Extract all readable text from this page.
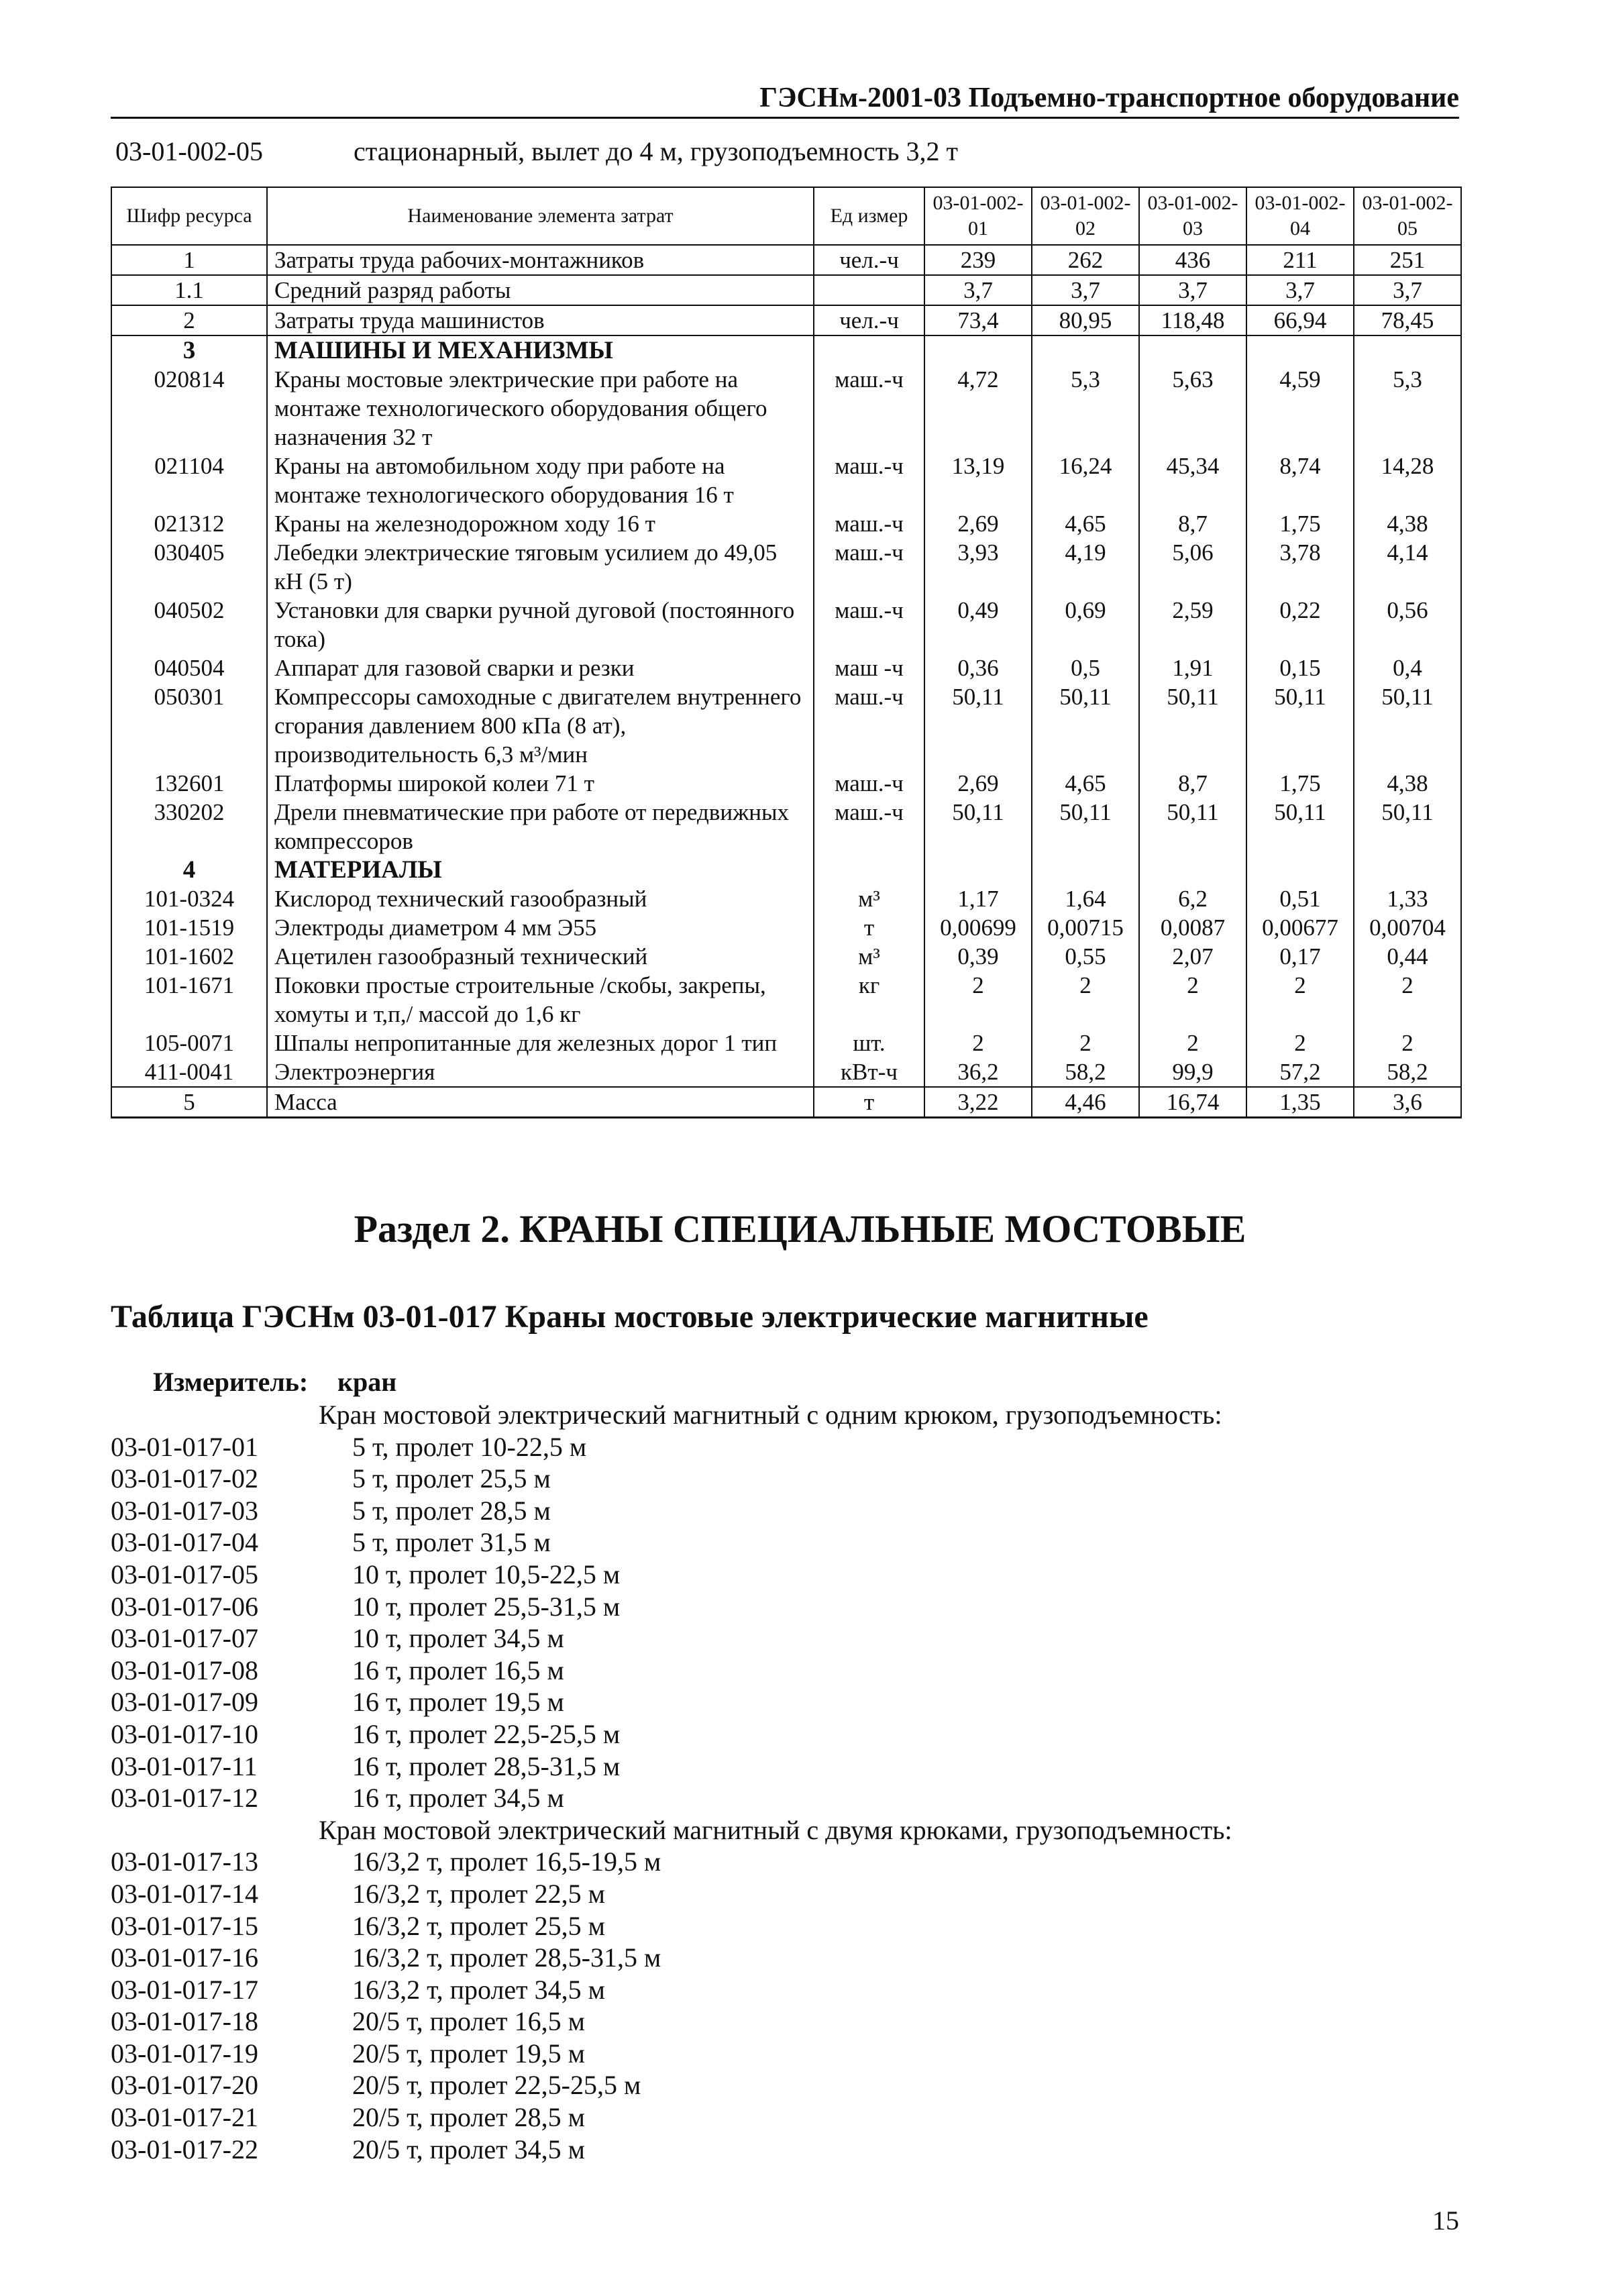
ГЭСНм-2001-03 Подъемно-транспортное оборудование
03-01-002-05	стационарный, вылет до 4 м, грузоподъемность 3,2 т
Шифр ресурса	Наименование элемента затрат	Ед измер	03-01-002-01	03-01-002-02	03-01-002-03	03-01-002-04	03-01-002-05
1	Затраты труда рабочих-монтажников	чел.-ч	239	262	436	211	251
1.1	Средний разряд работы		3,7	3,7	3,7	3,7	3,7
2	Затраты труда машинистов	чел.-ч	73,4	80,95	118,48	66,94	78,45
3	МАШИНЫ И МЕХАНИЗМЫ						
020814	Краны мостовые электрические при работе на монтаже технологического оборудования общего назначения 32 т	маш.-ч	4,72	5,3	5,63	4,59	5,3
021104	Краны на автомобильном ходу при работе на монтаже технологического оборудования 16 т	маш.-ч	13,19	16,24	45,34	8,74	14,28
021312	Краны на железнодорожном ходу 16 т	маш.-ч	2,69	4,65	8,7	1,75	4,38
030405	Лебедки электрические тяговым усилием до 49,05 кН (5 т)	маш.-ч	3,93	4,19	5,06	3,78	4,14
040502	Установки для сварки ручной дуговой (постоянного тока)	маш.-ч	0,49	0,69	2,59	0,22	0,56
040504	Аппарат для газовой сварки и резки	маш -ч	0,36	0,5	1,91	0,15	0,4
050301	Компрессоры самоходные с двигателем внутреннего сгорания давлением 800 кПа (8 ат), производительность 6,3 м³/мин	маш.-ч	50,11	50,11	50,11	50,11	50,11
132601	Платформы широкой колеи 71 т	маш.-ч	2,69	4,65	8,7	1,75	4,38
330202	Дрели пневматические при работе от передвижных компрессоров	маш.-ч	50,11	50,11	50,11	50,11	50,11
4	МАТЕРИАЛЫ						
101-0324	Кислород технический газообразный	м³	1,17	1,64	6,2	0,51	1,33
101-1519	Электроды диаметром 4 мм Э55	т	0,00699	0,00715	0,0087	0,00677	0,00704
101-1602	Ацетилен газообразный технический	м³	0,39	0,55	2,07	0,17	0,44
101-1671	Поковки простые строительные /скобы, закрепы, хомуты и т,п,/ массой до 1,6 кг	кг	2	2	2	2	2
105-0071	Шпалы непропитанные для железных дорог 1 тип	шт.	2	2	2	2	2
411-0041	Электроэнергия	кВт-ч	36,2	58,2	99,9	57,2	58,2
5	Масса	т	3,22	4,46	16,74	1,35	3,6
Раздел 2. КРАНЫ СПЕЦИАЛЬНЫЕ МОСТОВЫЕ
Таблица ГЭСНм 03-01-017 Краны мостовые электрические магнитные
Измеритель: кран
Кран мостовой электрический магнитный с одним крюком, грузоподъемность:
03-01-017-01	5 т, пролет 10-22,5 м
03-01-017-02	5 т, пролет 25,5 м
03-01-017-03	5 т, пролет 28,5 м
03-01-017-04	5 т, пролет 31,5 м
03-01-017-05	10 т, пролет 10,5-22,5 м
03-01-017-06	10 т, пролет 25,5-31,5 м
03-01-017-07	10 т, пролет 34,5 м
03-01-017-08	16 т, пролет 16,5 м
03-01-017-09	16 т, пролет 19,5 м
03-01-017-10	16 т, пролет 22,5-25,5 м
03-01-017-11	16 т, пролет 28,5-31,5 м
03-01-017-12	16 т, пролет 34,5 м
Кран мостовой электрический магнитный с двумя крюками, грузоподъемность:
03-01-017-13	16/3,2 т, пролет 16,5-19,5 м
03-01-017-14	16/3,2 т, пролет 22,5 м
03-01-017-15	16/3,2 т, пролет 25,5 м
03-01-017-16	16/3,2 т, пролет 28,5-31,5 м
03-01-017-17	16/3,2 т, пролет 34,5 м
03-01-017-18	20/5 т, пролет 16,5 м
03-01-017-19	20/5 т, пролет 19,5 м
03-01-017-20	20/5 т, пролет 22,5-25,5 м
03-01-017-21	20/5 т, пролет 28,5 м
03-01-017-22	20/5 т, пролет 34,5 м
15
